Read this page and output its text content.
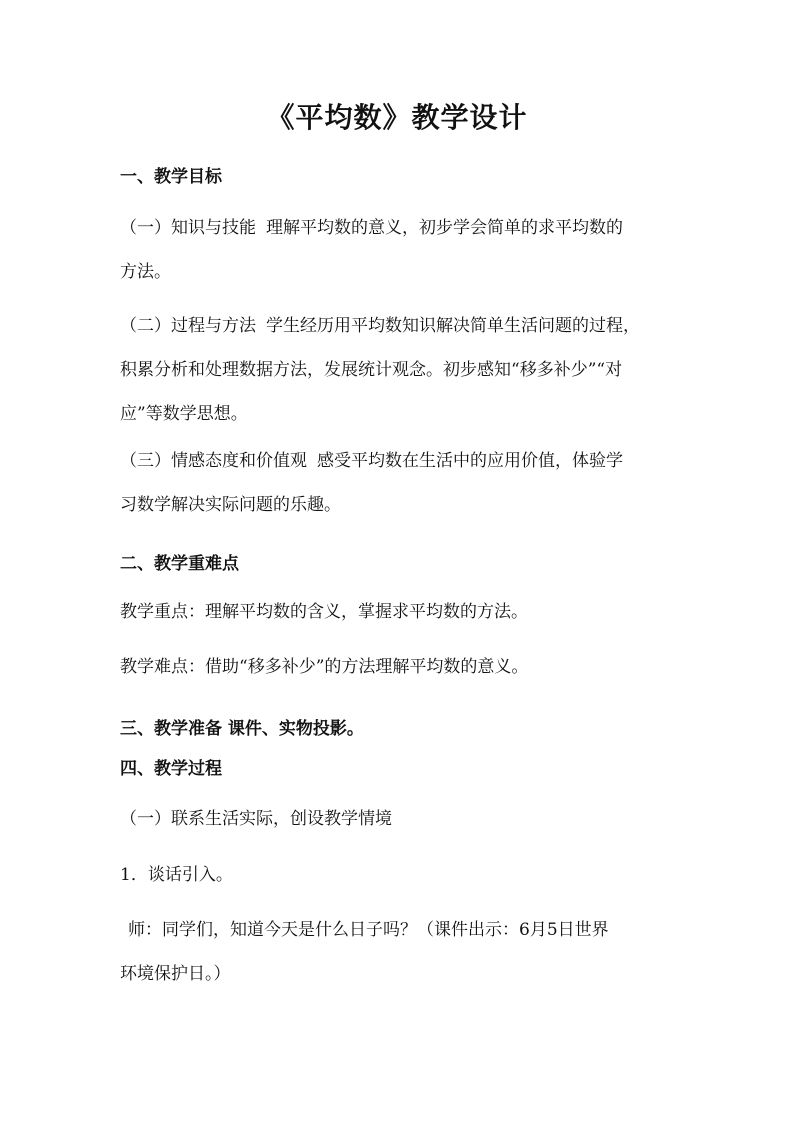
《平均数》教学设计
一、教学目标
（一）知识与技能 理解平均数的意义，初步学会简单的求平均数的
方法。
（二）过程与方法 学生经历用平均数知识解决简单生活问题的过程，
积累分析和处理数据方法，发展统计观念。初步感知“移多补少”“对
应”等数学思想。
（三）情感态度和价值观 感受平均数在生活中的应用价值，体验学
习数学解决实际问题的乐趣。
二、教学重难点
教学重点：理解平均数的含义，掌握求平均数的方法。
教学难点：借助“移多补少”的方法理解平均数的意义。
三、教学准备 课件、实物投影。
四、教学过程
（一）联系生活实际，创设教学情境
1．谈话引入。
师：同学们，知道今天是什么日子吗？（课件出示：6月5日世界
环境保护日。）
